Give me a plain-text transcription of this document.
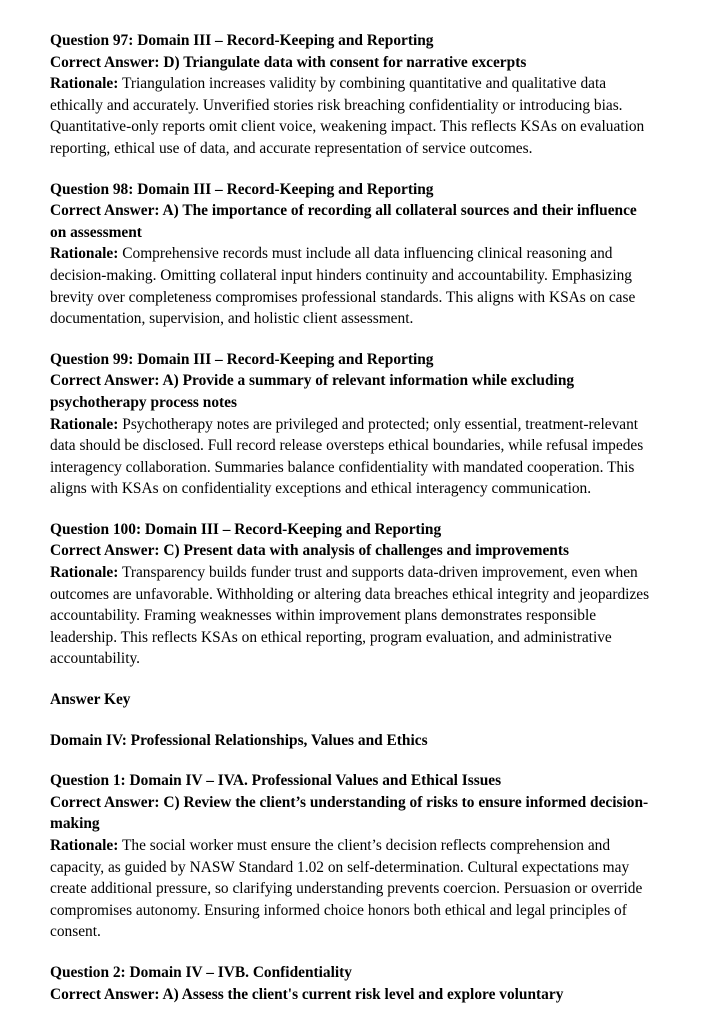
Question 97: Domain III – Record-Keeping and Reporting
Correct Answer: D) Triangulate data with consent for narrative excerpts
Rationale: Triangulation increases validity by combining quantitative and qualitative data ethically and accurately. Unverified stories risk breaching confidentiality or introducing bias. Quantitative-only reports omit client voice, weakening impact. This reflects KSAs on evaluation reporting, ethical use of data, and accurate representation of service outcomes.
Question 98: Domain III – Record-Keeping and Reporting
Correct Answer: A) The importance of recording all collateral sources and their influence on assessment
Rationale: Comprehensive records must include all data influencing clinical reasoning and decision-making. Omitting collateral input hinders continuity and accountability. Emphasizing brevity over completeness compromises professional standards. This aligns with KSAs on case documentation, supervision, and holistic client assessment.
Question 99: Domain III – Record-Keeping and Reporting
Correct Answer: A) Provide a summary of relevant information while excluding psychotherapy process notes
Rationale: Psychotherapy notes are privileged and protected; only essential, treatment-relevant data should be disclosed. Full record release oversteps ethical boundaries, while refusal impedes interagency collaboration. Summaries balance confidentiality with mandated cooperation. This aligns with KSAs on confidentiality exceptions and ethical interagency communication.
Question 100: Domain III – Record-Keeping and Reporting
Correct Answer: C) Present data with analysis of challenges and improvements
Rationale: Transparency builds funder trust and supports data-driven improvement, even when outcomes are unfavorable. Withholding or altering data breaches ethical integrity and jeopardizes accountability. Framing weaknesses within improvement plans demonstrates responsible leadership. This reflects KSAs on ethical reporting, program evaluation, and administrative accountability.
Answer Key
Domain IV: Professional Relationships, Values and Ethics
Question 1: Domain IV – IVA. Professional Values and Ethical Issues
Correct Answer: C) Review the client’s understanding of risks to ensure informed decision-making
Rationale: The social worker must ensure the client’s decision reflects comprehension and capacity, as guided by NASW Standard 1.02 on self-determination. Cultural expectations may create additional pressure, so clarifying understanding prevents coercion. Persuasion or override compromises autonomy. Ensuring informed choice honors both ethical and legal principles of consent.
Question 2: Domain IV – IVB. Confidentiality
Correct Answer: A) Assess the client's current risk level and explore voluntary
